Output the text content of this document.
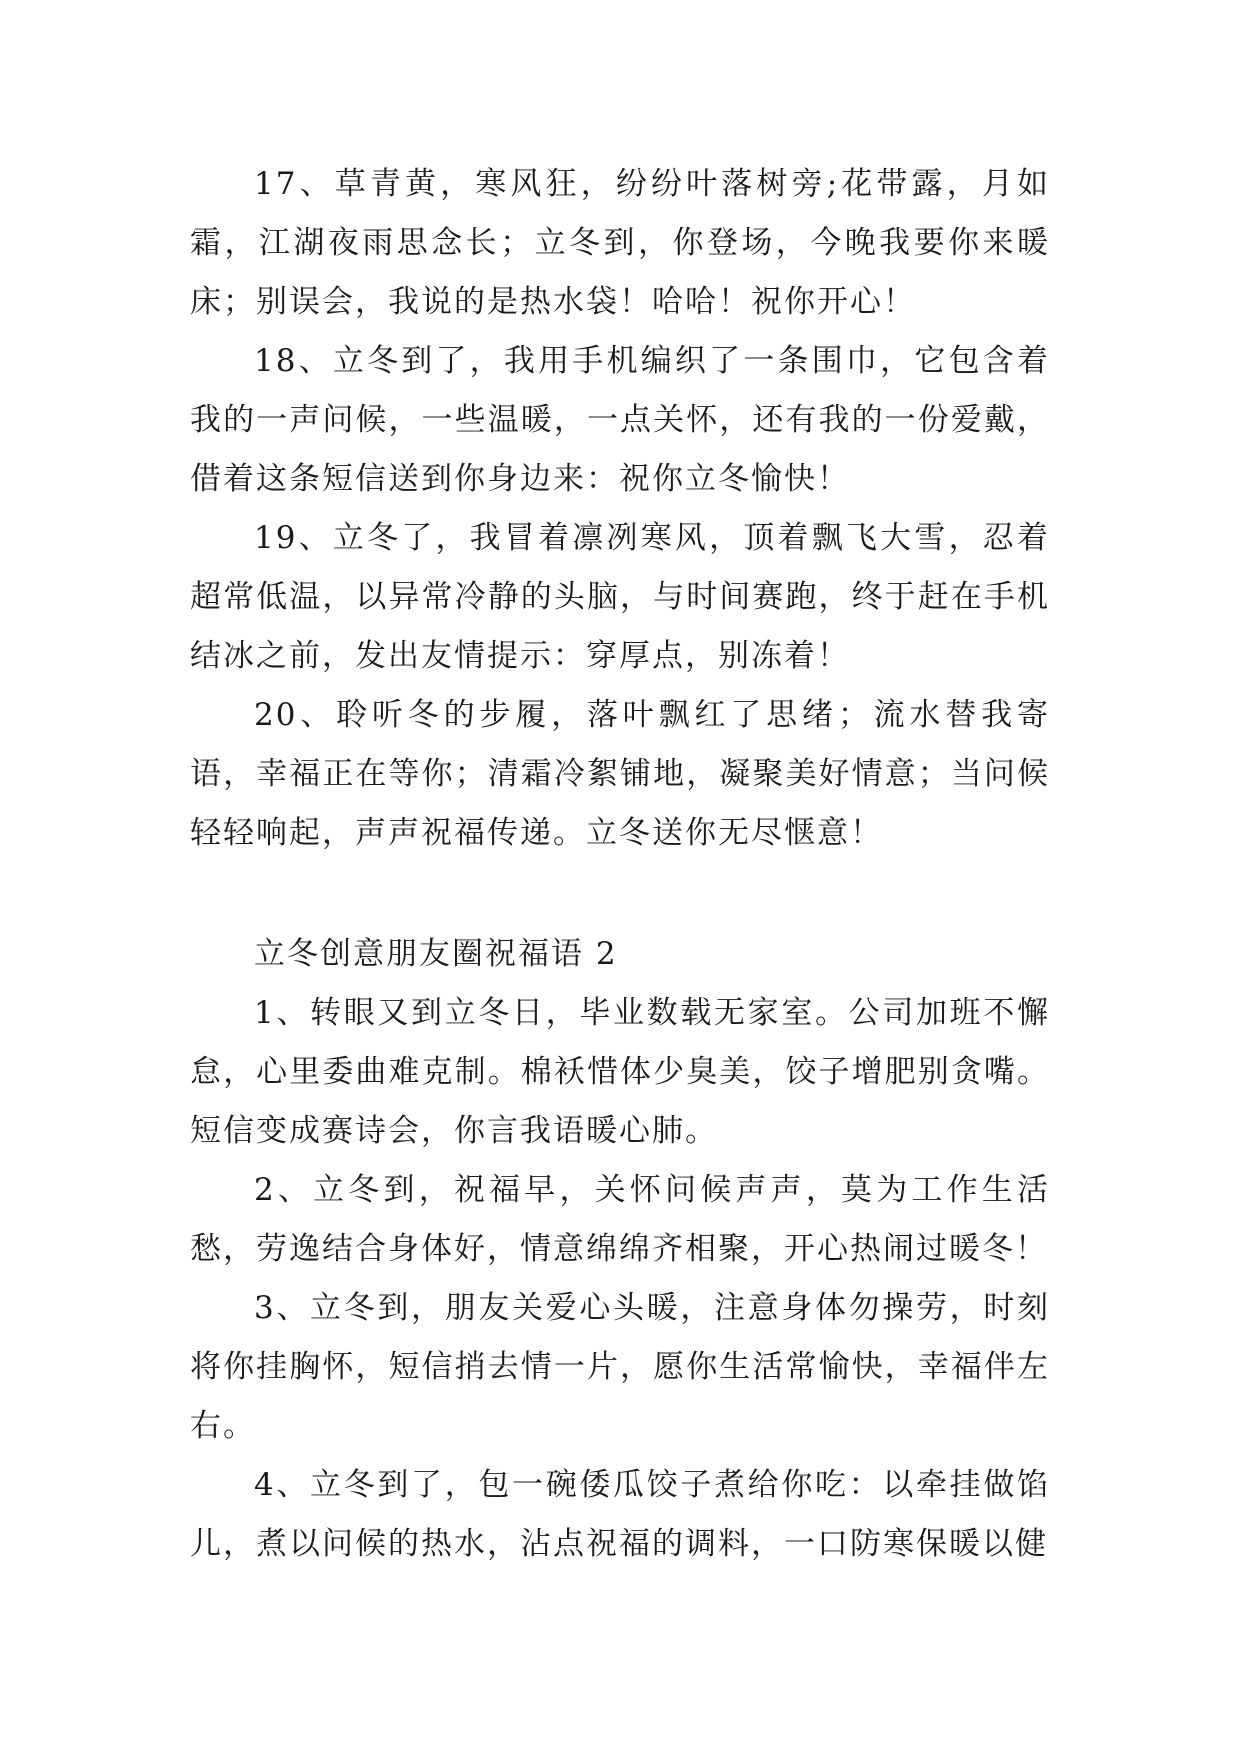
17、草青黄，寒风狂，纷纷叶落树旁;花带露，月如霜，江湖夜雨思念长；立冬到，你登场，今晚我要你来暖床；别误会，我说的是热水袋！哈哈！祝你开心！

18、立冬到了，我用手机编织了一条围巾，它包含着我的一声问候，一些温暖，一点关怀，还有我的一份爱戴，借着这条短信送到你身边来：祝你立冬愉快！

19、立冬了，我冒着凛冽寒风，顶着飘飞大雪，忍着超常低温，以异常冷静的头脑，与时间赛跑，终于赶在手机结冰之前，发出友情提示：穿厚点，别冻着！

20、聆听冬的步履，落叶飘红了思绪；流水替我寄语，幸福正在等你；清霜冷絮铺地，凝聚美好情意；当问候轻轻响起，声声祝福传递。立冬送你无尽惬意！

立冬创意朋友圈祝福语 2

1、转眼又到立冬日，毕业数载无家室。公司加班不懈怠，心里委曲难克制。棉袄惜体少臭美，饺子增肥别贪嘴。短信变成赛诗会，你言我语暖心肺。

2、立冬到，祝福早，关怀问候声声，莫为工作生活愁，劳逸结合身体好，情意绵绵齐相聚，开心热闹过暖冬！

3、立冬到，朋友关爱心头暖，注意身体勿操劳，时刻将你挂胸怀，短信捎去情一片，愿你生活常愉快，幸福伴左右。

4、立冬到了，包一碗倭瓜饺子煮给你吃：以牵挂做馅儿，煮以问候的热水，沾点祝福的调料，一口防寒保暖以健
